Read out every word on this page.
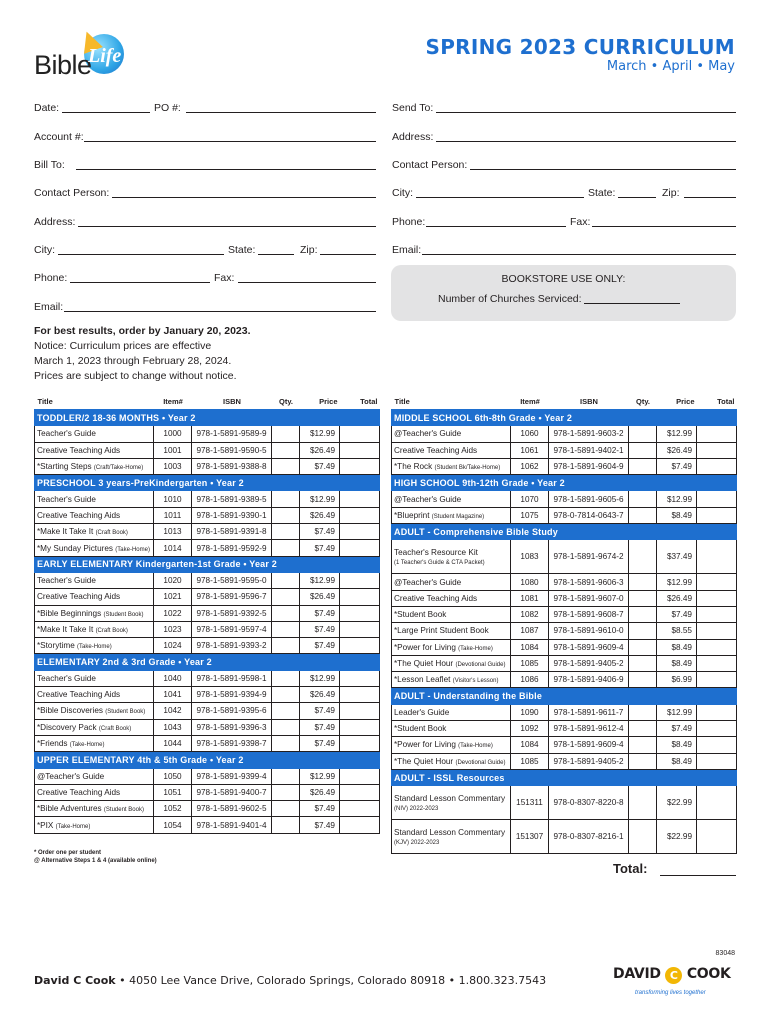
Bible
Life	SPRING 2023 CURRICULUM
March • April • May
Date:	PO #:
Account #:
Bill To:
Contact Person:
Address:
City:	State:	Zip:
Phone:	Fax:
Email:
Send To:
Address:
Contact Person:
City:	State:	Zip:
Phone:	Fax:
Email:
BOOKSTORE USE ONLY:
Number of Churches Serviced:
For best results, order by January 20, 2023.
Notice: Curriculum prices are effective
March 1, 2023 through February 28, 2024.
Prices are subject to change without notice.
Title	Item#	ISBN	Qty.	Price	Total
TODDLER/2 18-36 MONTHS • Year 2					
Teacher's Guide	1000	978-1-5891-9589-9		$12.99	
Creative Teaching Aids	1001	978-1-5891-9590-5		$26.49	
*Starting Steps (Craft/Take-Home)	1003	978-1-5891-9388-8		$7.49	
PRESCHOOL 3 years-PreKindergarten • Year 2					
Teacher's Guide	1010	978-1-5891-9389-5		$12.99	
Creative Teaching Aids	1011	978-1-5891-9390-1		$26.49	
*Make It Take It (Craft Book)	1013	978-1-5891-9391-8		$7.49	
*My Sunday Pictures (Take-Home)	1014	978-1-5891-9592-9		$7.49	
EARLY ELEMENTARY Kindergarten-1st Grade • Year 2					
Teacher's Guide	1020	978-1-5891-9595-0		$12.99	
Creative Teaching Aids	1021	978-1-5891-9596-7		$26.49	
*Bible Beginnings (Student Book)	1022	978-1-5891-9392-5		$7.49	
*Make It Take It (Craft Book)	1023	978-1-5891-9597-4		$7.49	
*Storytime (Take-Home)	1024	978-1-5891-9393-2		$7.49	
ELEMENTARY 2nd & 3rd Grade • Year 2					
Teacher's Guide	1040	978-1-5891-9598-1		$12.99	
Creative Teaching Aids	1041	978-1-5891-9394-9		$26.49	
*Bible Discoveries (Student Book)	1042	978-1-5891-9395-6		$7.49	
*Discovery Pack (Craft Book)	1043	978-1-5891-9396-3		$7.49	
*Friends (Take-Home)	1044	978-1-5891-9398-7		$7.49	
UPPER ELEMENTARY 4th & 5th Grade • Year 2					
@Teacher's Guide	1050	978-1-5891-9399-4		$12.99	
Creative Teaching Aids	1051	978-1-5891-9400-7		$26.49	
*Bible Adventures (Student Book)	1052	978-1-5891-9602-5		$7.49	
*PIX (Take-Home)	1054	978-1-5891-9401-4		$7.49	
Title	Item#	ISBN	Qty.	Price	Total
MIDDLE SCHOOL 6th-8th Grade • Year 2					
@Teacher's Guide	1060	978-1-5891-9603-2		$12.99	
Creative Teaching Aids	1061	978-1-5891-9402-1		$26.49	
*The Rock (Student Bk/Take-Home)	1062	978-1-5891-9604-9		$7.49	
HIGH SCHOOL 9th-12th Grade • Year 2					
@Teacher's Guide	1070	978-1-5891-9605-6		$12.99	
*Blueprint (Student Magazine)	1075	978-0-7814-0643-7		$8.49	
ADULT - Comprehensive Bible Study					
Teacher's Resource Kit
(1 Teacher's Guide & CTA Packet)	1083	978-1-5891-9674-2		$37.49	
@Teacher's Guide	1080	978-1-5891-9606-3		$12.99	
Creative Teaching Aids	1081	978-1-5891-9607-0		$26.49	
*Student Book	1082	978-1-5891-9608-7		$7.49	
*Large Print Student Book	1087	978-1-5891-9610-0		$8.55	
*Power for Living (Take-Home)	1084	978-1-5891-9609-4		$8.49	
*The Quiet Hour (Devotional Guide)	1085	978-1-5891-9405-2		$8.49	
*Lesson Leaflet (Visitor's Lesson)	1086	978-1-5891-9406-9		$6.99	
ADULT - Understanding the Bible					
Leader's Guide	1090	978-1-5891-9611-7		$12.99	
*Student Book	1092	978-1-5891-9612-4		$7.49	
*Power for Living (Take-Home)	1084	978-1-5891-9609-4		$8.49	
*The Quiet Hour (Devotional Guide)	1085	978-1-5891-9405-2		$8.49	
ADULT - ISSL Resources					
Standard Lesson Commentary
(NIV) 2022-2023	151311	978-0-8307-8220-8		$22.99	
Standard Lesson Commentary
(KJV) 2022-2023	151307	978-0-8307-8216-1		$22.99	
* Order one per student
@ Alternative Steps 1 & 4 (available online)	Total:
83048
David C Cook • 4050 Lee Vance Drive, Colorado Springs, Colorado 80918 • 1.800.323.7543	DAVID C COOK
transforming lives together
